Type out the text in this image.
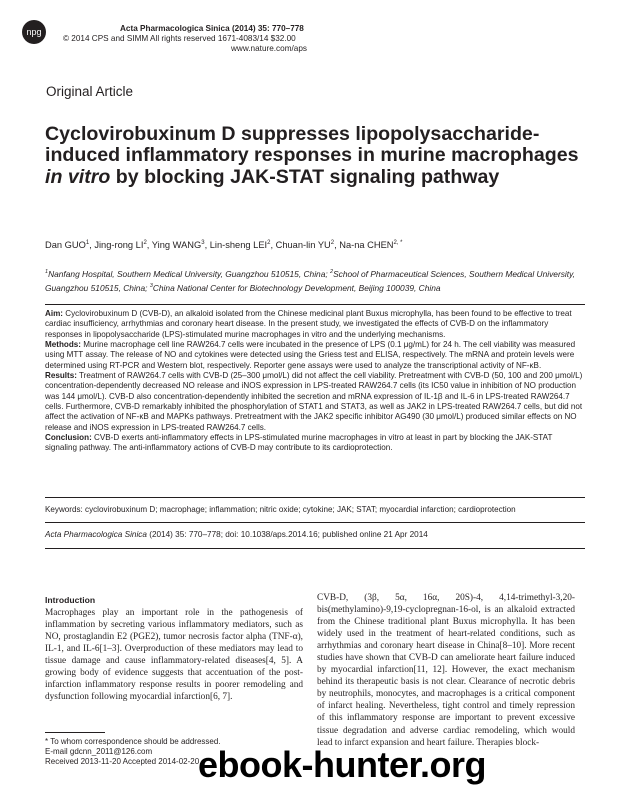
npg	Acta Pharmacologica Sinica (2014) 35: 770–778
© 2014 CPS and SIMM All rights reserved 1671-4083/14 $32.00
www.nature.com/aps
Original Article
Cyclovirobuxinum D suppresses lipopolysaccharide-induced inflammatory responses in murine macrophages in vitro by blocking JAK-STAT signaling pathway
Dan GUO$^1$, Jing-rong $LI^2$, Ying WANG$^3$, Lin-sheng LEI$^2$, Chuan-lin $YU^2$, Na-na $CHEN^{2, *}$
$^1$Nanfang Hospital, Southern Medical University, Guangzhou 510515, China; $^2$School of Pharmaceutical Sciences, Southern Medical University, Guangzhou 510515, China; $^3$China National Center for Biotechnology Development, Beijing 100039, China

Aim: Cyclovirobuxinum D (CVB-D), an alkaloid isolated from the Chinese medicinal plant Buxus microphylla, has been found to be effective to treat cardiac insufficiency, arrhythmias and coronary heart disease. In the present study, we investigated the effects of CVB-D on the inflammatory responses in lipopolysaccharide (LPS)-stimulated murine macrophages in vitro and the underlying mechanisms.

Methods: Murine macrophage cell line RAW264.7 cells were incubated in the presence of LPS (0.1 μg/mL) for 24 h. The cell viability was measured using MTT assay. The release of NO and cytokines were detected using the Griess test and ELISA, respectively. The mRNA and protein levels were determined using RT-PCR and Western blot, respectively. Reporter gene assays were used to analyze the transcriptional activity of NF-κB.

Results: Treatment of RAW264.7 cells with CVB-D (25–300 μmol/L) did not affect the cell viability. Pretreatment with CVB-D (50, 100 and 200 μmol/L) concentration-dependently decreased NO release and iNOS expression in LPS-treated RAW264.7 cells (its IC50 value in inhibition of NO production was 144 μmol/L). CVB-D also concentration-dependently inhibited the secretion and mRNA expression of IL-1β and IL-6 in LPS-treated RAW264.7 cells. Furthermore, CVB-D remarkably inhibited the phosphorylation of STAT1 and STAT3, as well as JAK2 in LPS-treated RAW264.7 cells, but did not affect the activation of NF-κB and MAPKs pathways. Pretreatment with the JAK2 specific inhibitor AG490 (30 μmol/L) produced similar effects on NO release and iNOS expression in LPS-treated RAW264.7 cells.

Conclusion: CVB-D exerts anti-inflammatory effects in LPS-stimulated murine macrophages in vitro at least in part by blocking the JAK-STAT signaling pathway. The anti-inflammatory actions of CVB-D may contribute to its cardioprotection.

Keywords: cyclovirobuxinum D; macrophage; inflammation; nitric oxide; cytokine; JAK; STAT; myocardial infarction; cardioprotection
Acta Pharmacologica Sinica (2014) 35: 770–778; doi: 10.1038/aps.2014.16; published online 21 Apr 2014
Introduction

Macrophages play an important role in the pathogenesis of inflammation by secreting various inflammatory mediators, such as NO, prostaglandin E2 (PGE2), tumor necrosis factor alpha (TNF-α), IL-1, and IL-6[1–3]. Overproduction of these mediators may lead to tissue damage and cause inflammatory-related diseases[4, 5]. A growing body of evidence suggests that accentuation of the post-infarction inflammatory response results in poorer remodeling and dysfunction following myocardial infarction[6, 7].

CVB-D, (3β, 5α, 16α, 20S)-4, 4,14-trimethyl-3,20-bis(methylamino)-9,19-cyclopregnan-16-ol, is an alkaloid extracted from the Chinese traditional plant Buxus microphylla. It has been widely used in the treatment of heart-related conditions, such as arrhythmias and coronary heart disease in China[8–10]. More recent studies have shown that CVB-D can ameliorate heart failure induced by myocardial infarction[11, 12]. However, the exact mechanism behind its therapeutic basis is not clear. Clearance of necrotic debris by neutrophils, monocytes, and macrophages is a critical component of infarct healing. Nevertheless, tight control and timely repression of this inflammatory response are important to prevent excessive tissue degradation and adverse cardiac remodeling, which would lead to infarct expansion and heart failure. Therapies block-

* To whom correspondence should be addressed.
E-mail gdcnn_2011@126.com
Received 2013-11-20 Accepted 2014-02-20
ebook-hunter.org
